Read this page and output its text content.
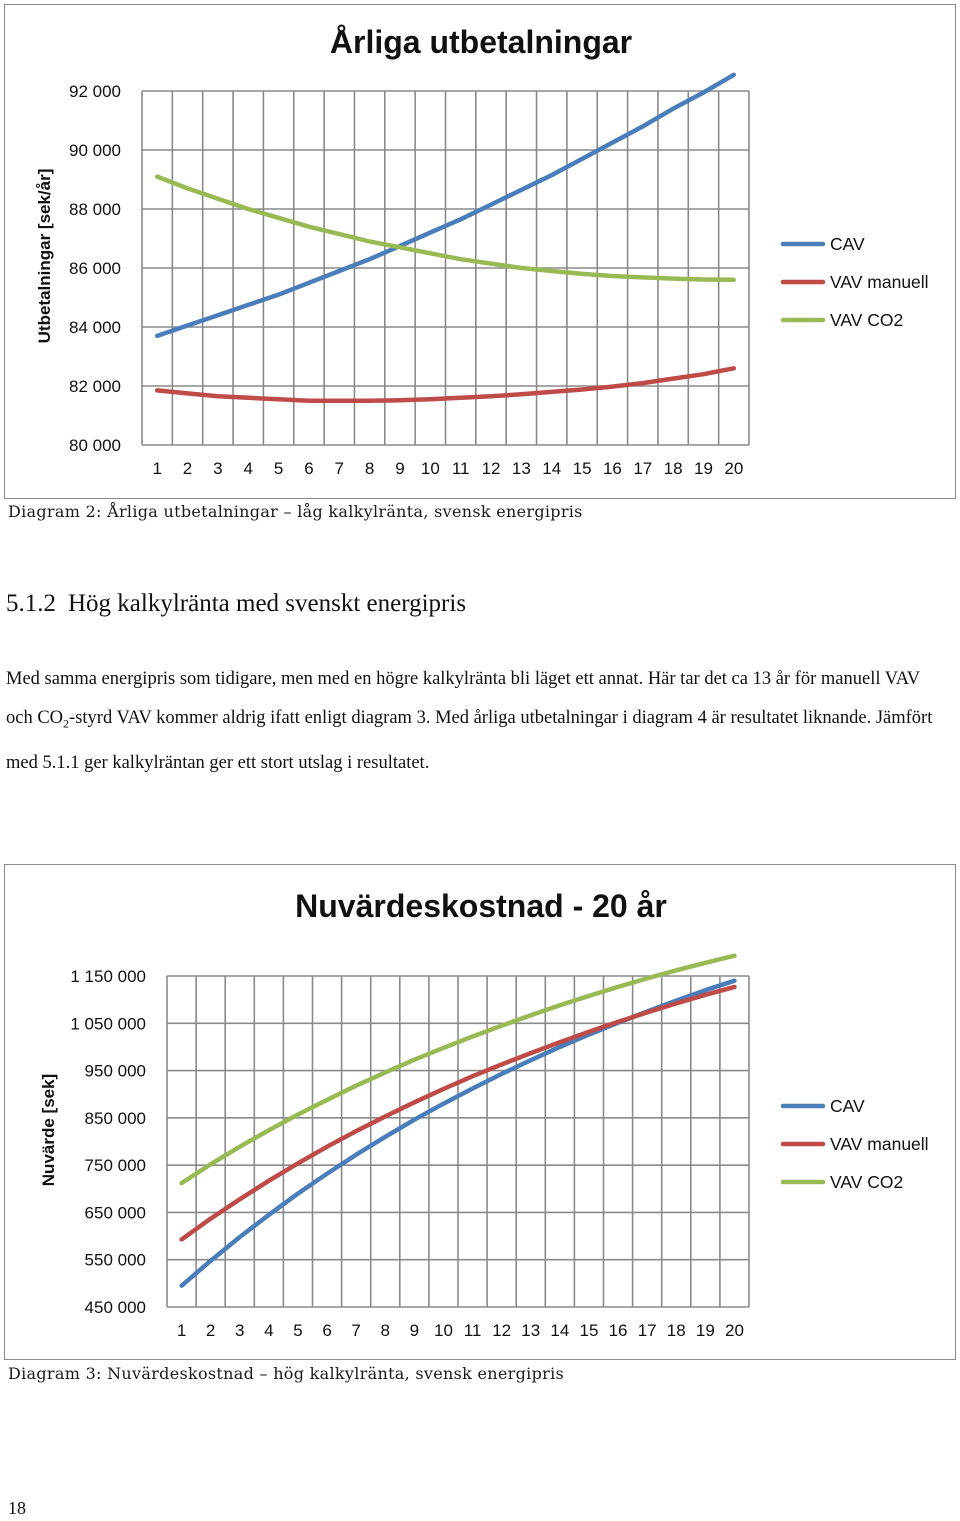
Årliga utbetalningar
80 000
82 000
84 000
86 000
88 000
90 000
92 000
1 2 3 4 5 6 7 8 9 10 11 12 13 14 15 16 17 18 19 20
Utbetalningar [sek/år]	CAV
VAV manuell
VAV CO2
Diagram 2: Årliga utbetalningar – låg kalkylränta, svensk energipris
5.1.2 Hög kalkylränta med svenskt energipris

Med samma energipris som tidigare, men med en högre kalkylränta bli läget ett annat. Här tar det ca 13 år för manuell VAV och $CO_2$-styrd VAV kommer aldrig ifatt enligt diagram 3. Med årliga utbetalningar i diagram 4 är resultatet liknande. Jämfört med 5.1.1 ger kalkylräntan ger ett stort utslag i resultatet.

Nuvärdeskostnad - 20 år
450 000
550 000
650 000
750 000
850 000
950 000
1 050 000
1 150 000
1 2 3 4 5 6 7 8 9 10 11 12 13 14 15 16 17 18 19 20
Nuvärde [sek]	CAV
VAV manuell
VAV CO2
Diagram 3: Nuvärdeskostnad – hög kalkylränta, svensk energipris
18
